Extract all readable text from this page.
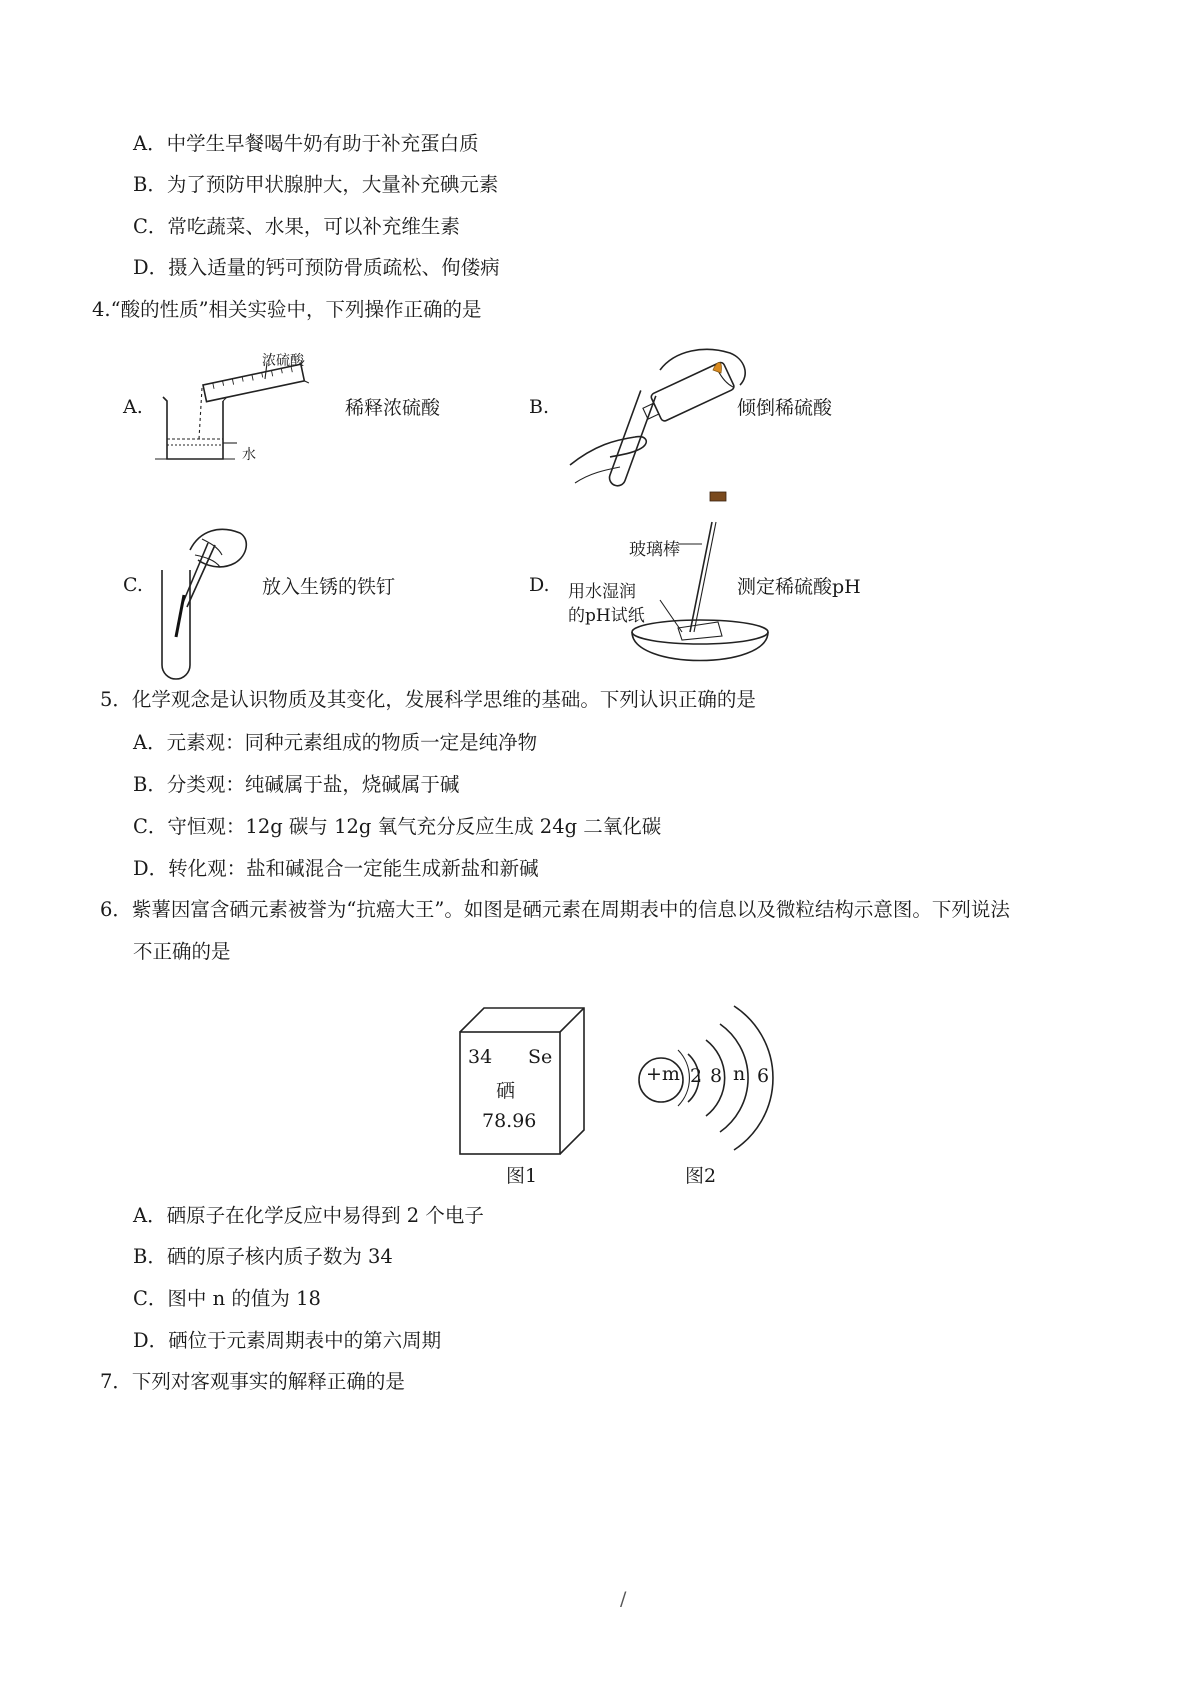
A．中学生早餐喝牛奶有助于补充蛋白质
B．为了预防甲状腺肿大，大量补充碘元素
C．常吃蔬菜、水果，可以补充维生素
D．摄入适量的钙可预防骨质疏松、佝偻病
4.“酸的性质”相关实验中，下列操作正确的是
A.
浓硫酸
水
稀释浓硫酸	B.	倾倒稀硫酸
C.	放入生锈的铁钉	D.
玻璃棒
用水湿润
的pH试纸
测定稀硫酸pH
5．化学观念是认识物质及其变化，发展科学思维的基础。下列认识正确的是
A．元素观：同种元素组成的物质一定是纯净物
B．分类观：纯碱属于盐，烧碱属于碱
C．守恒观：12g 碳与 12g 氧气充分反应生成 24g 二氧化碳
D．转化观：盐和碱混合一定能生成新盐和新碱
6．紫薯因富含硒元素被誉为“抗癌大王”。如图是硒元素在周期表中的信息以及微粒结构示意图。下列说法
不正确的是
34 Se
硒
78.96
图1
+m 2 8 n 6
图2
A．硒原子在化学反应中易得到 2 个电子
B．硒的原子核内质子数为 34
C．图中 n 的值为 18
D．硒位于元素周期表中的第六周期
7．下列对客观事实的解释正确的是
/
